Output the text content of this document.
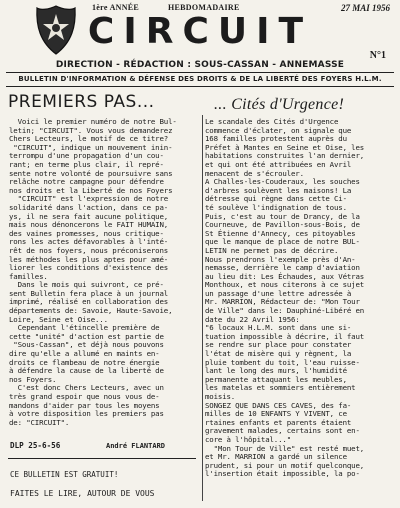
1ère ANNÉE	HEBDOMADAIRE	27 MAI 1956
CIRCUIT
N°1
DIRECTION - RÉDACTION : SOUS-CASSAN - ANNEMASSE
BULLETIN D'INFORMATION & DÉFENSE DES DROITS & DE LA LIBERTÉ DES FOYERS H.L.M.
PREMIERS PAS...	... Cités d'Urgence!
Voici le premier numéro de notre Bul-
letin; "CIRCUIT". Vous vous demanderez
Chers Lecteurs, le motif de ce titre?
"CIRCUIT", indique un mouvement inin-
terrompu d'une propagation d'un cou-
rant; en terme plus clair, il repré-
sente notre volonté de poursuivre sans
relâche notre campagne pour défendre
nos droits et la Liberté de nos Foyers
"CIRCUIT" est l'expression de notre
solidarité dans l'action, dans ce pa-
ys, il ne sera fait aucune politique,
mais nous dénoncerons le FAIT HUMAIN,
des vaines promesses, nous critique-
rons les actes défavorables à l'inté-
rêt de nos foyers, nous préconiserons
les méthodes les plus aptes pour amé-
liorer les conditions d'existence des
familles.
Dans le mois qui suivront, ce pré-
sent Bulletin fera place à un journal
imprimé, réalisé en collaboration des
départements de: Savoie, Haute-Savoie,
Loire, Seine et Oise...
Cependant l'étincelle première de
cette "unité" d'action est partie de
"Sous-Cassan", et déjà nous pouvons
dire qu'elle a allumé en maints en-
droits ce flambeau de notre énergie
à défendre la cause de la liberté de
nos Foyers.
C'est donc Chers Lecteurs, avec un
très grand espoir que nous vous de-
mandons d'aider par tous les moyens
à votre disposition les premiers pas
de: "CIRCUIT".
Le scandale des Cités d'Urgence
commence d'éclater, on signale que
168 familles protestent auprès du
Préfet à Mantes en Seine et Oise, les
habitations construites l'an dernier,
et qui ont été attribuées en Avril
menacent de s'écrouler.
A Challes-les-Couderaux, les souches
d'arbres soulèvent les maisons! La
détresse qui règne dans cette Ci-
té soulève l'indignation de tous.
Puis, c'est au tour de Drancy, de la
Courneuve, de Pavillon-sous-Bois, de
St Étienne d'Annecy, ces pitoyables
que le manque de place de notre BUL-
LETIN ne permet pas de décrire.
Nous prendrons l'exemple près d'An-
nemasse, derrière le camp d'aviation
au lieu dit: Les Échaudes, aux Vétras
Monthoux, et nous citerons à ce sujet
un passage d'une lettre adressée à
Mr. MARRION, Rédacteur de: "Mon Tour
de Ville" dans le: Dauphiné-Libéré en
date du 22 Avril 1956:
"6 locaux H.L.M. sont dans une si-
tuation impossible à décrire, il faut
se rendre sur place pour constater
l'état de misère qui y règnent, la
pluie tombent du toit, l'eau ruisse-
lant le long des murs, l'humidité
permanente attaquant les meubles,
les matelas et sommiers entièrement
moisis.
SONGEZ QUE DANS CES CAVES, des fa-
milles de 10 ENFANTS Y VIVENT, ce
rtaines enfants et parents étaient
gravement malades, certains sont en-
core à l'hôpital..."
"Mon Tour de Ville" est resté muet,
et Mr. MARRION a gardé un silence
prudent, si pour un motif quelconque,
l'insertion était impossible, la po-
DLP 25-6-56	André FLANTARD
CE BULLETIN EST GRATUIT!
FAITES LE LIRE, AUTOUR DE VOUS
